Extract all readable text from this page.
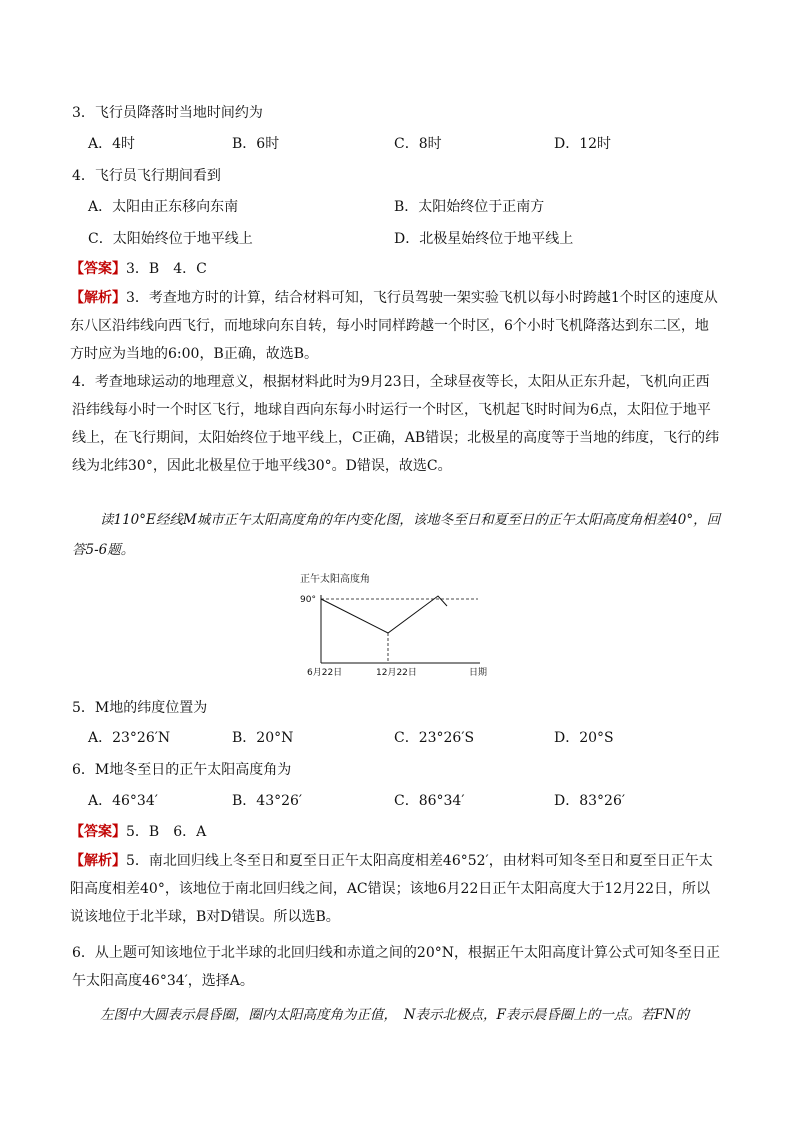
3．飞行员降落时当地时间约为
A．4时	B．6时	C．8时	D．12时
4．飞行员飞行期间看到
A．太阳由正东移向东南	B．太阳始终位于正南方
C．太阳始终位于地平线上	D．北极星始终位于地平线上
【答案】3．B　4．C
【解析】3．考查地方时的计算，结合材料可知，飞行员驾驶一架实验飞机以每小时跨越1个时区的速度从东八区沿纬线向西飞行，而地球向东自转，每小时同样跨越一个时区，6个小时飞机降落达到东二区，地方时应为当地的6:00，B正确，故选B。
4．考查地球运动的地理意义，根据材料此时为9月23日，全球昼夜等长，太阳从正东升起，飞机向正西沿纬线每小时一个时区飞行，地球自西向东每小时运行一个时区，飞机起飞时时间为6点，太阳位于地平线上，在飞行期间，太阳始终位于地平线上，C正确，AB错误；北极星的高度等于当地的纬度，飞行的纬线为北纬30°，因此北极星位于地平线30°。D错误，故选C。
读110°E经线M城市正午太阳高度角的年内变化图，该地冬至日和夏至日的正午太阳高度角相差40°，回答5-6题。
正午太阳高度角
90°
6月22日	12月22日	日期
5．M地的纬度位置为
A．23°26′N	B．20°N	C．23°26′S	D．20°S
6．M地冬至日的正午太阳高度角为
A．46°34′	B．43°26′	C．86°34′	D．83°26′
【答案】5．B　6．A
【解析】5．南北回归线上冬至日和夏至日正午太阳高度相差46°52′，由材料可知冬至日和夏至日正午太阳高度相差40°，该地位于南北回归线之间，AC错误；该地6月22日正午太阳高度大于12月22日，所以说该地位于北半球，B对D错误。所以选B。
6．从上题可知该地位于北半球的北回归线和赤道之间的20°N，根据正午太阳高度计算公式可知冬至日正午太阳高度46°34′，选择A。
左图中大圆表示晨昏圈，圈内太阳高度角为正值，　N表示北极点，F表示晨昏圈上的一点。若FN的
